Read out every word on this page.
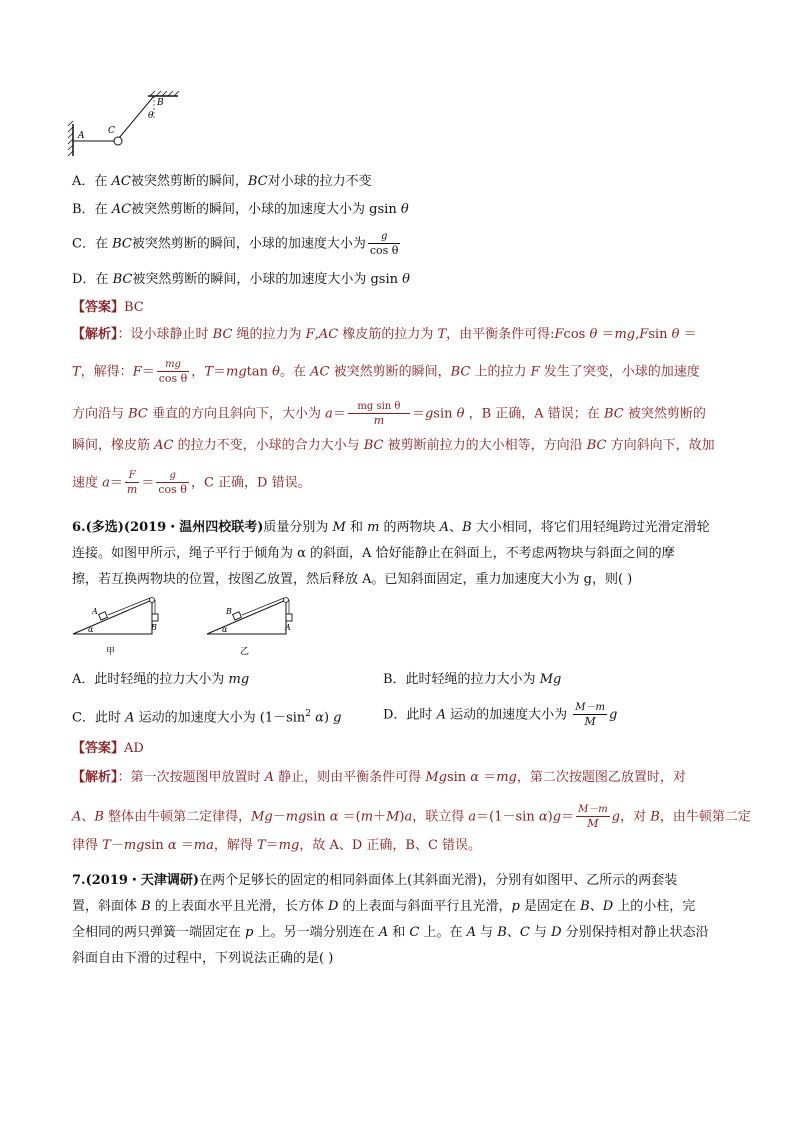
A	C
B
θ
A．在 AC被突然剪断的瞬间，BC对小球的拉力不变
B．在 AC被突然剪断的瞬间，小球的加速度大小为 gsin θ
C．在 BC被突然剪断的瞬间，小球的加速度大小为 $\frac{g}{\text{cos θ}}$
D．在 BC被突然剪断的瞬间，小球的加速度大小为 gsin θ
【答案】BC
【解析】：设小球静止时 BC 绳的拉力为 F,AC 橡皮筋的拉力为 T，由平衡条件可得:Fcos θ ＝mg,Fsin θ ＝
T，解得：$F= \frac{mg}{\text{cos θ}}$ ，T＝mgtan θ。在 AC 被突然剪断的瞬间，BC 上的拉力 F 发生了突变，小球的加速度
方向沿与 BC 垂直的方向且斜向下，大小为 $a= \frac{\text{mg sin θ}}{m} =gsin$ θ ，B 正确，A 错误；在 BC 被突然剪断的
瞬间，橡皮筋 AC 的拉力不变，小球的合力大小与 BC 被剪断前拉力的大小相等，方向沿 BC 方向斜向下，故加
速度 $a= \frac{F}{m} = \frac{g}{\text{cos θ}}$ ，C 正确，D 错误。
6.(多选)(2019・温州四校联考)质量分别为 M 和 m 的两物块 A、B 大小相同，将它们用轻绳跨过光滑定滑轮
连接。如图甲所示，绳子平行于倾角为 α 的斜面，A 恰好能静止在斜面上，不考虑两物块与斜面之间的摩
擦，若互换两物块的位置，按图乙放置，然后释放 A。已知斜面固定，重力加速度大小为 g，则( )
A
B
α
甲
B
A
α
乙
A．此时轻绳的拉力大小为 mg	B．此时轻绳的拉力大小为 Mg
C．此时 A 运动的加速度大小为 ($1-\sin^2$ α) g	D．此时 A 运动的加速度大小为 $\frac{M-m}{M}$ g
【答案】AD
【解析】：第一次按题图甲放置时 A 静止，则由平衡条件可得 Mgsin α ＝mg，第二次按题图乙放置时，对
A、B 整体由牛顿第二定律得，Mg－mgsin α ＝(m＋M)a，联立得 a＝(1－sin $\alpha)g= \frac{M-m}{M}$ g，对 B，由牛顿第二定
律得 T－mgsin α ＝ma，解得 T＝mg，故 A、D 正确，B、C 错误。
7.(2019・天津调研)在两个足够长的固定的相同斜面体上(其斜面光滑)，分别有如图甲、乙所示的两套装
置，斜面体 B 的上表面水平且光滑，长方体 D 的上表面与斜面平行且光滑，p 是固定在 B、D 上的小柱，完
全相同的两只弹簧一端固定在 p 上。另一端分别连在 A 和 C 上。在 A 与 B、C 与 D 分别保持相对静止状态沿
斜面自由下滑的过程中，下列说法正确的是( )
